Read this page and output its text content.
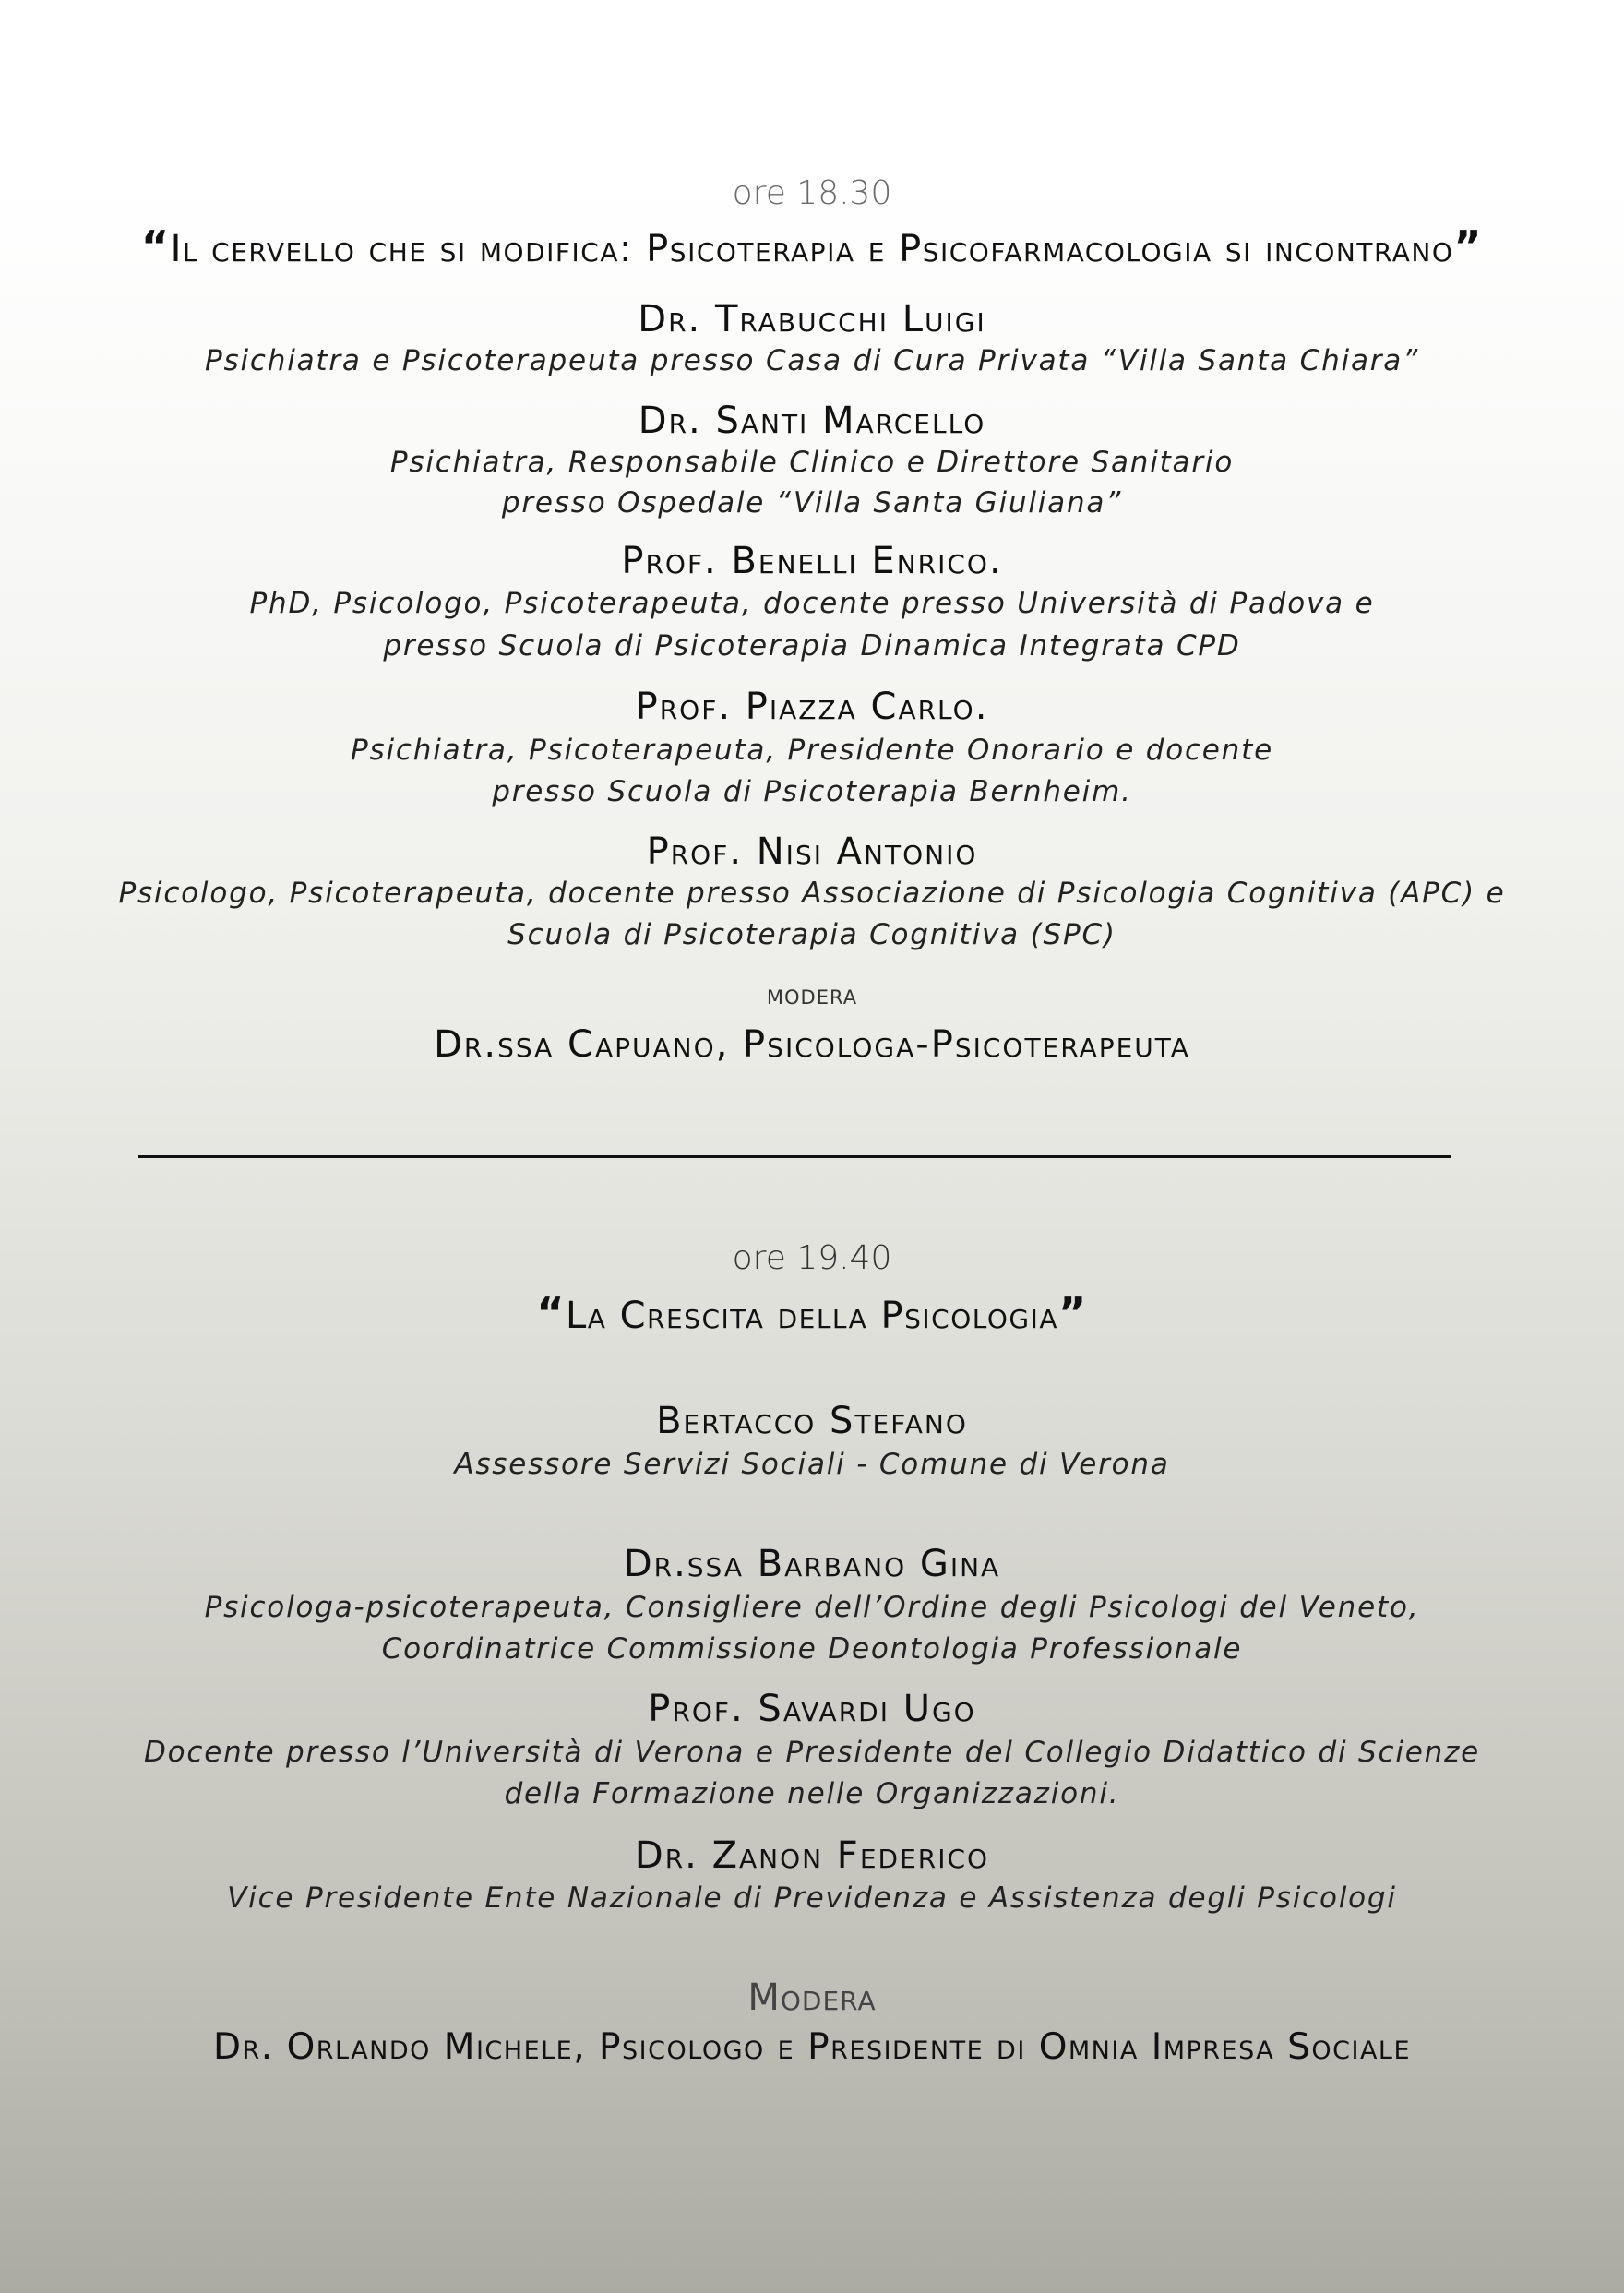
ore 18.30
“Il cervello che si modifica: Psicoterapia e Psicofarmacologia si incontrano”
Dr. Trabucchi Luigi
Psichiatra e Psicoterapeuta presso Casa di Cura Privata “Villa Santa Chiara”
Dr. Santi Marcello
Psichiatra, Responsabile Clinico e Direttore Sanitario
presso Ospedale “Villa Santa Giuliana”
Prof. Benelli Enrico.
PhD, Psicologo, Psicoterapeuta, docente presso Università di Padova e
presso Scuola di Psicoterapia Dinamica Integrata CPD
Prof. Piazza Carlo.
Psichiatra, Psicoterapeuta, Presidente Onorario e docente
presso Scuola di Psicoterapia Bernheim.
Prof. Nisi Antonio
Psicologo, Psicoterapeuta, docente presso Associazione di Psicologia Cognitiva (APC) e
Scuola di Psicoterapia Cognitiva (SPC)
modera
Dr.ssa Capuano, Psicologa-Psicoterapeuta
ore 19.40
“La Crescita della Psicologia”
Bertacco Stefano
Assessore Servizi Sociali - Comune di Verona
Dr.ssa Barbano Gina
Psicologa-psicoterapeuta, Consigliere dell’Ordine degli Psicologi del Veneto,
Coordinatrice Commissione Deontologia Professionale
Prof. Savardi Ugo
Docente presso l’Università di Verona e Presidente del Collegio Didattico di Scienze
della Formazione nelle Organizzazioni.
Dr. Zanon Federico
Vice Presidente Ente Nazionale di Previdenza e Assistenza degli Psicologi
Modera
Dr. Orlando Michele, Psicologo e Presidente di Omnia Impresa Sociale
